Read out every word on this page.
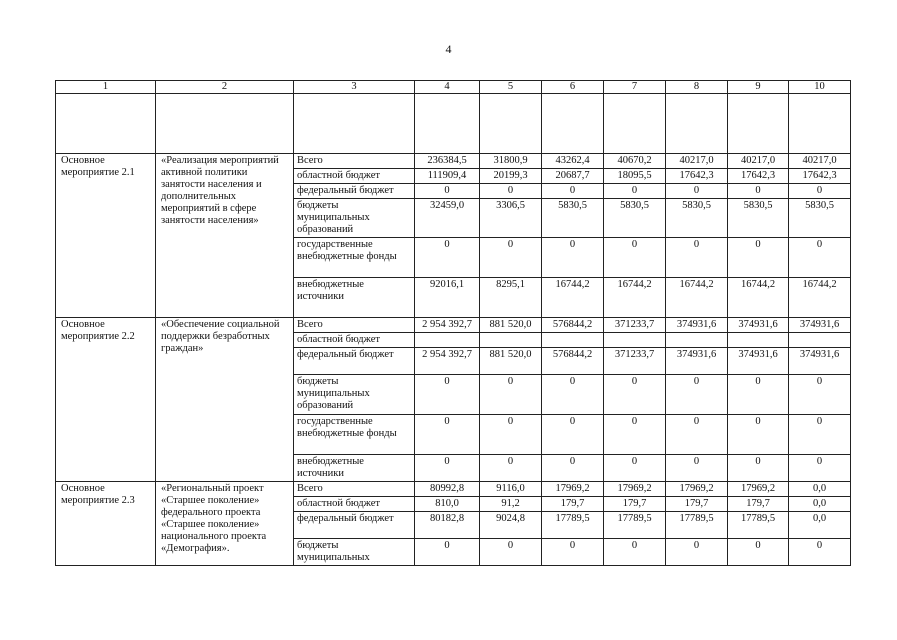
4
1	2	3	4	5	6	7	8	9	10

Основное мероприятие 2.1	«Реализация мероприятий активной политики занятости населения и дополнительных мероприятий в сфере занятости населения»	Всего	236384,5	31800,9	43262,4	40670,2	40217,0	40217,0	40217,0
		областной бюджет	111909,4	20199,3	20687,7	18095,5	17642,3	17642,3	17642,3
		федеральный бюджет	0	0	0	0	0	0	0
		бюджеты муниципальных образований	32459,0	3306,5	5830,5	5830,5	5830,5	5830,5	5830,5
		государственные внебюджетные фонды	0	0	0	0	0	0	0
		внебюджетные источники	92016,1	8295,1	16744,2	16744,2	16744,2	16744,2	16744,2
Основное мероприятие 2.2	«Обеспечение социальной поддержки безработных граждан»	Всего	2 954 392,7	881 520,0	576844,2	371233,7	374931,6	374931,6	374931,6
		областной бюджет							
		федеральный бюджет	2 954 392,7	881 520,0	576844,2	371233,7	374931,6	374931,6	374931,6
		бюджеты муниципальных образований	0	0	0	0	0	0	0
		государственные внебюджетные фонды	0	0	0	0	0	0	0
		внебюджетные источники	0	0	0	0	0	0	0
Основное мероприятие 2.3	«Региональный проект «Старшее поколение» федерального проекта «Старшее поколение» национального проекта «Демография».	Всего	80992,8	9116,0	17969,2	17969,2	17969,2	17969,2	0,0
		областной бюджет	810,0	91,2	179,7	179,7	179,7	179,7	0,0
		федеральный бюджет	80182,8	9024,8	17789,5	17789,5	17789,5	17789,5	0,0
		бюджеты муниципальных	0	0	0	0	0	0	0
